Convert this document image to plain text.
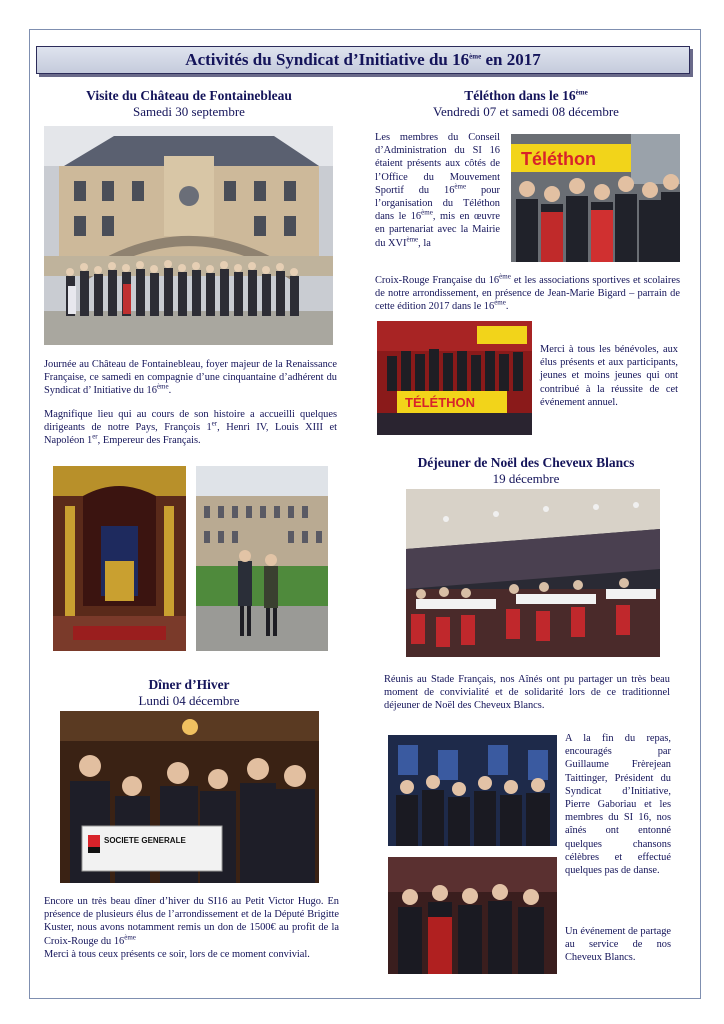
Activités du Syndicat d’Initiative du 16ème en 2017
Visite du Château de Fontainebleau
Samedi 30 septembre

Journée au Château de Fontainebleau, foyer majeur de la Renaissance Française, ce samedi en compagnie d’une cinquantaine d’adhérent du Syndicat d’ Initiative du 16ème.

Magnifique lieu qui au cours de son histoire a accueilli quelques dirigeants de notre Pays, François 1er, Henri IV, Louis XIII et Napoléon 1er, Empereur des Français.

Dîner d’Hiver
Lundi 04 décembre
SOCIETE GENERALE

Encore un très beau dîner d’hiver du SI16 au Petit Victor Hugo. En présence de plusieurs élus de l’arrondissement et de la Député Brigitte Kuster, nous avons notamment remis un don de 1500€ au profit de la Croix-Rouge du 16ème
Merci à tous ceux présents ce soir, lors de ce moment convivial.

Téléthon dans le 16ème
Vendredi 07 et samedi 08 décembre
Les membres du Conseil d’Administration du SI 16 étaient présents aux côtés de l’Office du Mouvement Sportif du 16ème pour l’organisation du Téléthon dans le 16ème, mis en œuvre en partenariat avec la Mairie du XVIème, la
Téléthon
Croix-Rouge Française du 16ème et les associations sportives et scolaires de notre arrondissement, en présence de Jean-Marie Bigard – parrain de cette édition 2017 dans le 16ème.
TÉLÉTHON
Merci à tous les bénévoles, aux élus présents et aux participants, jeunes et moins jeunes qui ont contribué à la réussite de cet événement annuel.
Déjeuner de Noël des Cheveux Blancs
19 décembre
Réunis au Stade Français, nos Aînés ont pu partager un très beau moment de convivialité et de solidarité lors de ce traditionnel déjeuner de Noël des Cheveux Blancs.
A la fin du repas, encouragés par Guillaume Frèrejean Taittinger, Président du Syndicat d’Initiative, Pierre Gaboriau et les membres du SI 16, nos aînés ont entonné quelques chansons célèbres et effectué quelques pas de danse.
Un événement de partage au service de nos Cheveux Blancs.
